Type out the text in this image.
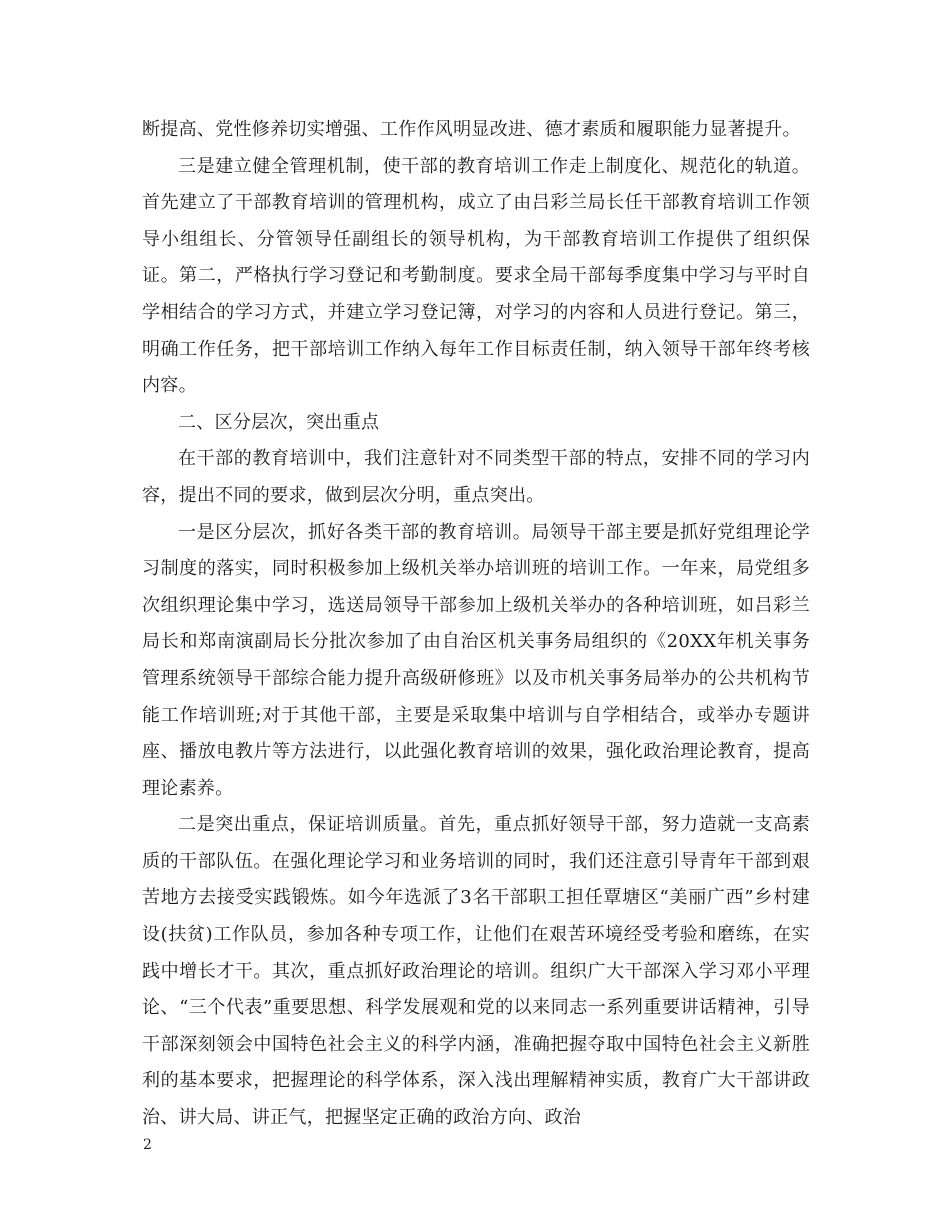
断提高、党性修养切实增强、工作作风明显改进、德才素质和履职能力显著提升。

三是建立健全管理机制，使干部的教育培训工作走上制度化、规范化的轨道。首先建立了干部教育培训的管理机构，成立了由吕彩兰局长任干部教育培训工作领导小组组长、分管领导任副组长的领导机构，为干部教育培训工作提供了组织保证。第二，严格执行学习登记和考勤制度。要求全局干部每季度集中学习与平时自学相结合的学习方式，并建立学习登记簿，对学习的内容和人员进行登记。第三，明确工作任务，把干部培训工作纳入每年工作目标责任制，纳入领导干部年终考核内容。

二、区分层次，突出重点

在干部的教育培训中，我们注意针对不同类型干部的特点，安排不同的学习内容，提出不同的要求，做到层次分明，重点突出。

一是区分层次，抓好各类干部的教育培训。局领导干部主要是抓好党组理论学习制度的落实，同时积极参加上级机关举办培训班的培训工作。一年来，局党组多次组织理论集中学习，选送局领导干部参加上级机关举办的各种培训班，如吕彩兰局长和郑南演副局长分批次参加了由自治区机关事务局组织的《20XX年机关事务管理系统领导干部综合能力提升高级研修班》以及市机关事务局举办的公共机构节能工作培训班;对于其他干部，主要是采取集中培训与自学相结合，或举办专题讲座、播放电教片等方法进行，以此强化教育培训的效果，强化政治理论教育，提高理论素养。

二是突出重点，保证培训质量。首先，重点抓好领导干部，努力造就一支高素质的干部队伍。在强化理论学习和业务培训的同时，我们还注意引导青年干部到艰苦地方去接受实践锻炼。如今年选派了3名干部职工担任覃塘区“美丽广西”乡村建设(扶贫)工作队员，参加各种专项工作，让他们在艰苦环境经受考验和磨练，在实践中增长才干。其次，重点抓好政治理论的培训。组织广大干部深入学习邓小平理论、“三个代表”重要思想、科学发展观和党的以来同志一系列重要讲话精神，引导干部深刻领会中国特色社会主义的科学内涵，准确把握夺取中国特色社会主义新胜利的基本要求，把握理论的科学体系，深入浅出理解精神实质，教育广大干部讲政治、讲大局、讲正气，把握坚定正确的政治方向、政治

2
